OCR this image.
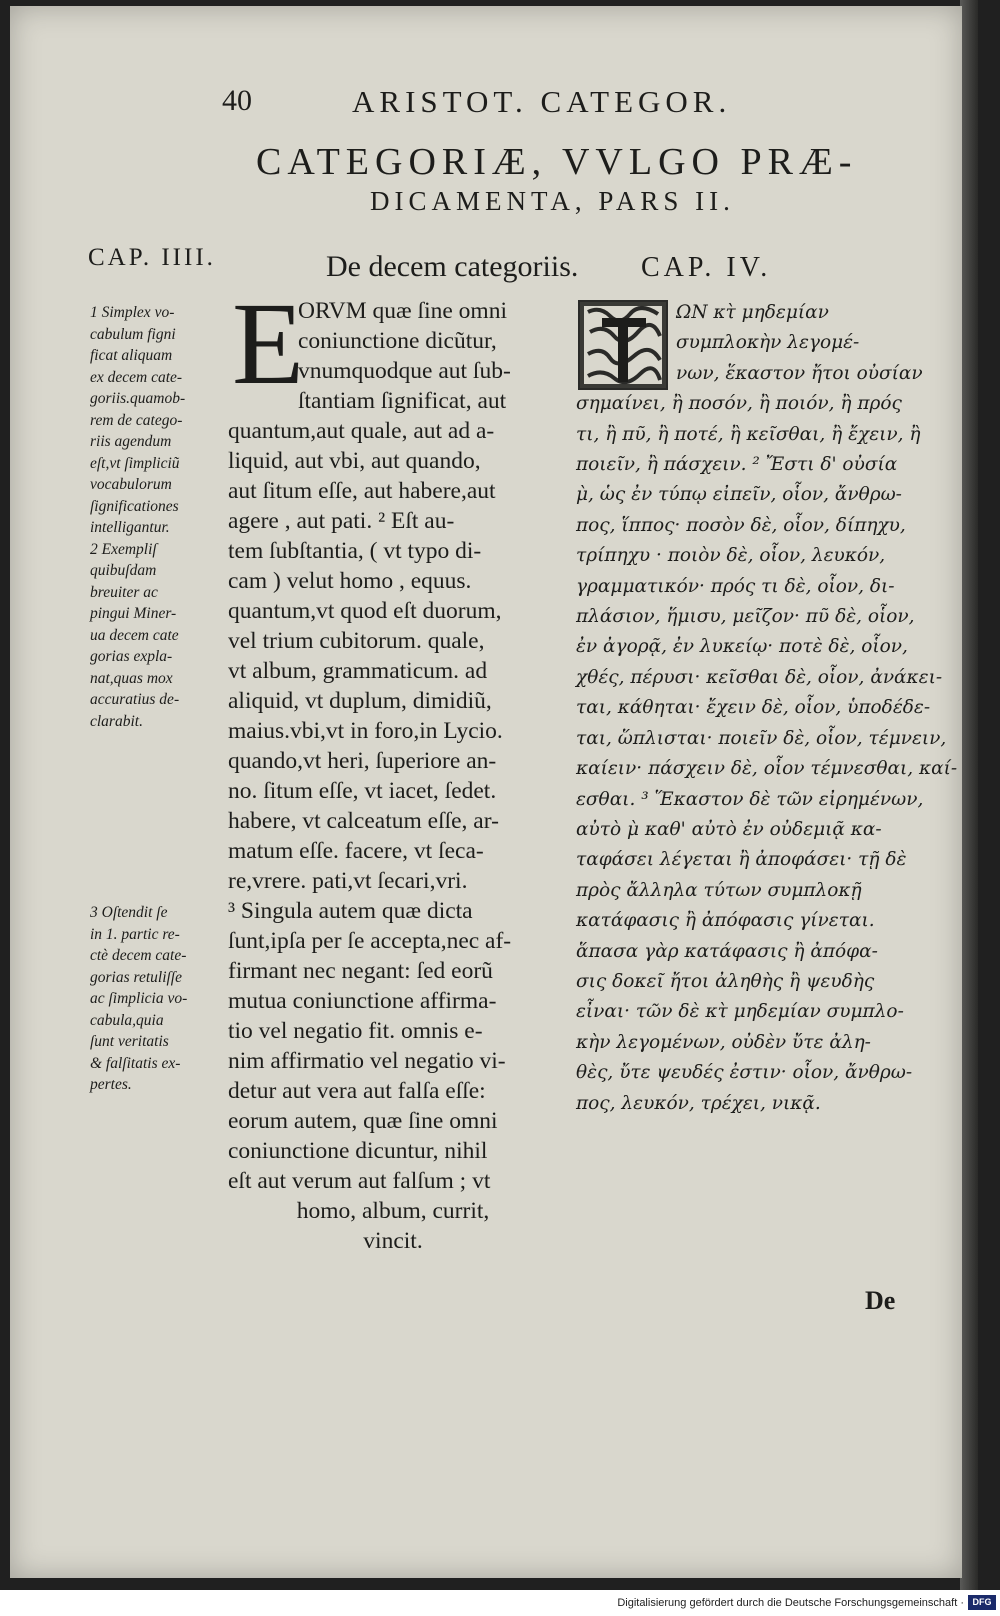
40	ARISTOT. CATEGOR.
CATEGORIÆ, VVLGO PRÆ-
DICAMENTA, PARS II.
CAP. IIII.	De decem categoriis. CAP. IV.
1 Simplex vo-
cabulum figni
ficat aliquam
ex decem cate-
goriis.quamob-
rem de catego-
riis agendum
eſt,vt ſimpliciũ
vocabulorum
ſignificationes
intelligantur.
2 Exempliſ
quibuſdam
breuiter ac
pingui Miner-
ua decem cate
gorias expla-
nat,quas mox
accuratius de-
clarabit.
3 Oſtendit ſe
in 1. partic re-
ctè decem cate-
gorias retuliſſe
ac ſimplicia vo-
cabula,quia
ſunt veritatis
& falſitatis ex-
pertes.
E
ORVM quæ ſine omni
coniunctione dicũtur,
vnumquodque aut ſub-
ſtantiam ſignificat, aut
quantum,aut quale, aut ad a-
liquid, aut vbi, aut quando,
aut ſitum eſſe, aut habere,aut
agere , aut pati. ² Eſt au-
tem ſubſtantia, ( vt typo di-
cam ) velut homo , equus.
quantum,vt quod eſt duorum,
vel trium cubitorum. quale,
vt album, grammaticum. ad
aliquid, vt duplum, dimidiũ,
maius.vbi,vt in foro,in Lycio.
quando,vt heri, ſuperiore an-
no. ſitum eſſe, vt iacet, ſedet.
habere, vt calceatum eſſe, ar-
matum eſſe. facere, vt ſeca-
re,vrere. pati,vt ſecari,vri.
³ Singula autem quæ dicta
ſunt,ipſa per ſe accepta,nec af-
firmant nec negant: ſed eorũ
mutua coniunctione affirma-
tio vel negatio fit. omnis e-
nim affirmatio vel negatio vi-
detur aut vera aut falſa eſſe:
eorum autem, quæ ſine omni
coniunctione dicuntur, nihil
eſt aut verum aut falſum ; vt
homo, album, currit,
vincit.
ΩΝ κτ̀ μηδεμίαν
συμπλοκὴν λεγομέ-
νων, ἕκαστον ἤτοι οὐσίαν
σημαίνει, ἢ ποσόν, ἢ ποιόν, ἢ πρός
τι, ἢ πῦ, ἢ ποτέ, ἢ κεῖσθαι, ἢ ἔχειν, ἢ
ποιεῖν, ἢ πάσχειν. ² Ἔστι δ' οὐσία
μ̀, ὡς ἐν τύπῳ εἰπεῖν, οἷον, ἄνθρω-
πος, ἵππος· ποσὸν δὲ, οἷον, δίπηχυ,
τρίπηχυ · ποιὸν δὲ, οἷον, λευκόν,
γραμματικόν· πρός τι δὲ, οἷον, δι-
πλάσιον, ἥμισυ, μεῖζον· πῦ δὲ, οἷον,
ἐν ἀγορᾷ, ἐν λυκείῳ· ποτὲ δὲ, οἷον,
χθές, πέρυσι· κεῖσθαι δὲ, οἷον, ἀνάκει-
ται, κάθηται· ἔχειν δὲ, οἷον, ὑποδέδε-
ται, ὥπλισται· ποιεῖν δὲ, οἷον, τέμνειν,
καίειν· πάσχειν δὲ, οἷον τέμνεσθαι, καί-
εσθαι. ³ Ἕκαστον δὲ τῶν εἰρημένων,
αὐτὸ μ̀ καθ' αὐτὸ ἐν οὐδεμιᾷ κα-
ταφάσει λέγεται ἢ ἀποφάσει· τῇ δὲ
πρὸς ἄλληλα τύτων συμπλοκῇ
κατάφασις ἢ ἀπόφασις γίνεται.
ἅπασα γὰρ κατάφασις ἢ ἀπόφα-
σις δοκεῖ ἤτοι ἀληθὴς ἢ ψευδὴς
εἶναι· τῶν δὲ κτ̀ μηδεμίαν συμπλο-
κὴν λεγομένων, οὐδὲν ὔτε ἀλη-
θὲς, ὔτε ψευδές ἐστιν· οἷον, ἄνθρω-
πος, λευκόν, τρέχει, νικᾷ.
De
Digitalisierung gefördert durch die Deutsche Forschungsgemeinschaft · DFG
